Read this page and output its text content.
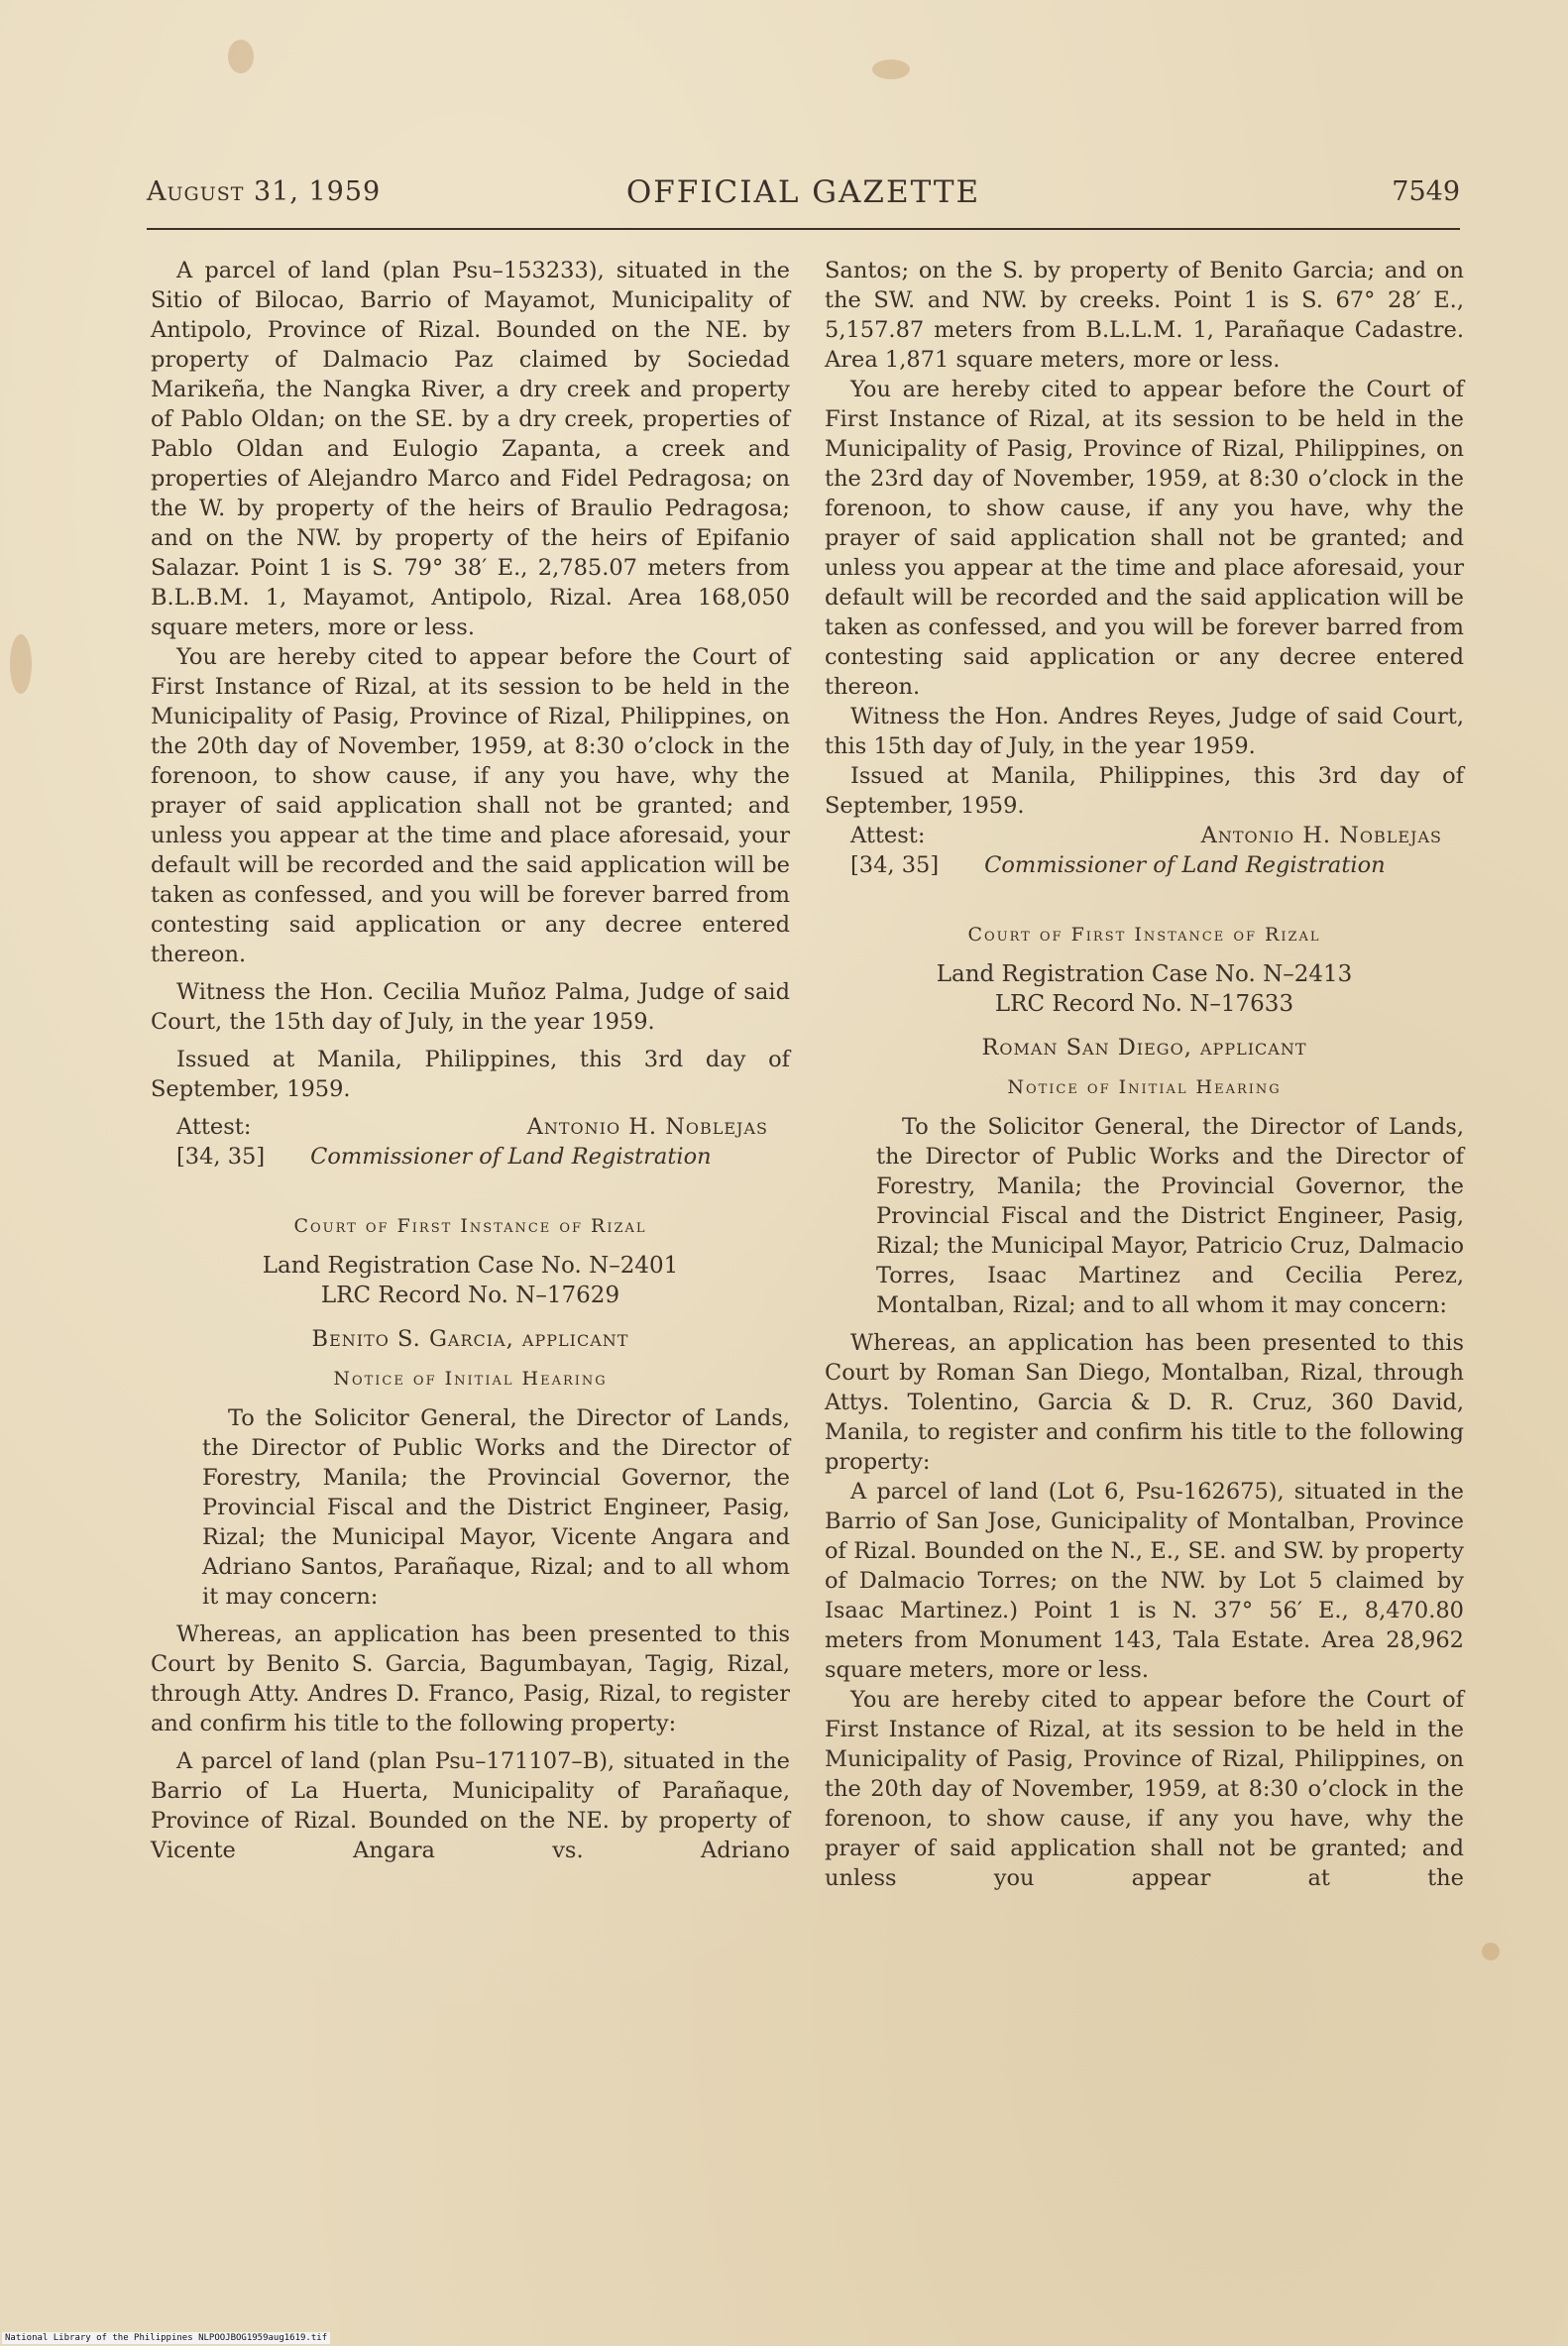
August 31, 1959	OFFICIAL GAZETTE	7549

A parcel of land (plan Psu–153233), situated in the Sitio of Bilocao, Barrio of Mayamot, Municipality of Antipolo, Province of Rizal. Bounded on the NE. by property of Dalmacio Paz claimed by Sociedad Marikeña, the Nangka River, a dry creek and property of Pablo Oldan; on the SE. by a dry creek, properties of Pablo Oldan and Eulogio Zapanta, a creek and properties of Alejandro Marco and Fidel Pedragosa; on the W. by property of the heirs of Braulio Pedragosa; and on the NW. by property of the heirs of Epifanio Salazar. Point 1 is S. 79° 38′ E., 2,785.07 meters from B.L.B.M. 1, Mayamot, Antipolo, Rizal. Area 168,050 square meters, more or less.

You are hereby cited to appear before the Court of First Instance of Rizal, at its session to be held in the Municipality of Pasig, Province of Rizal, Philippines, on the 20th day of November, 1959, at 8:30 o’clock in the forenoon, to show cause, if any you have, why the prayer of said application shall not be granted; and unless you appear at the time and place aforesaid, your default will be recorded and the said application will be taken as confessed, and you will be forever barred from contesting said application or any decree entered thereon.

Witness the Hon. Cecilia Muñoz Palma, Judge of said Court, the 15th day of July, in the year 1959.

Issued at Manila, Philippines, this 3rd day of September, 1959.

Attest:	Antonio H. Noblejas
[34, 35] Commissioner of Land Registration
Court of First Instance of Rizal
Land Registration Case No. N–2401
LRC Record No. N–17629
Benito S. Garcia, applicant
Notice of Initial Hearing

To the Solicitor General, the Director of Lands, the Director of Public Works and the Director of Forestry, Manila; the Provincial Governor, the Provincial Fiscal and the District Engineer, Pasig, Rizal; the Municipal Mayor, Vicente Angara and Adriano Santos, Parañaque, Rizal; and to all whom it may concern:

Whereas, an application has been presented to this Court by Benito S. Garcia, Bagumbayan, Tagig, Rizal, through Atty. Andres D. Franco, Pasig, Rizal, to register and confirm his title to the following property:

A parcel of land (plan Psu–171107–B), situated in the Barrio of La Huerta, Municipality of Parañaque, Province of Rizal. Bounded on the NE. by property of Vicente Angara vs. Adriano

Santos; on the S. by property of Benito Garcia; and on the SW. and NW. by creeks. Point 1 is S. 67° 28′ E., 5,157.87 meters from B.L.L.M. 1, Parañaque Cadastre. Area 1,871 square meters, more or less.

You are hereby cited to appear before the Court of First Instance of Rizal, at its session to be held in the Municipality of Pasig, Province of Rizal, Philippines, on the 23rd day of November, 1959, at 8:30 o’clock in the forenoon, to show cause, if any you have, why the prayer of said application shall not be granted; and unless you appear at the time and place aforesaid, your default will be recorded and the said application will be taken as confessed, and you will be forever barred from contesting said application or any decree entered thereon.

Witness the Hon. Andres Reyes, Judge of said Court, this 15th day of July, in the year 1959.

Issued at Manila, Philippines, this 3rd day of September, 1959.

Attest:	Antonio H. Noblejas
[34, 35] Commissioner of Land Registration
Court of First Instance of Rizal
Land Registration Case No. N–2413
LRC Record No. N–17633
Roman San Diego, applicant
Notice of Initial Hearing

To the Solicitor General, the Director of Lands, the Director of Public Works and the Director of Forestry, Manila; the Provincial Governor, the Provincial Fiscal and the District Engineer, Pasig, Rizal; the Municipal Mayor, Patricio Cruz, Dalmacio Torres, Isaac Martinez and Cecilia Perez, Montalban, Rizal; and to all whom it may concern:

Whereas, an application has been presented to this Court by Roman San Diego, Montalban, Rizal, through Attys. Tolentino, Garcia & D. R. Cruz, 360 David, Manila, to register and confirm his title to the following property:

A parcel of land (Lot 6, Psu-162675), situated in the Barrio of San Jose, Gunicipality of Montalban, Province of Rizal. Bounded on the N., E., SE. and SW. by property of Dalmacio Torres; on the NW. by Lot 5 claimed by Isaac Martinez.) Point 1 is N. 37° 56′ E., 8,470.80 meters from Monument 143, Tala Estate. Area 28,962 square meters, more or less.

You are hereby cited to appear before the Court of First Instance of Rizal, at its session to be held in the Municipality of Pasig, Province of Rizal, Philippines, on the 20th day of November, 1959, at 8:30 o’clock in the forenoon, to show cause, if any you have, why the prayer of said application shall not be granted; and unless you appear at the

National Library of the Philippines NLPOOJBOG1959aug1619.tif
